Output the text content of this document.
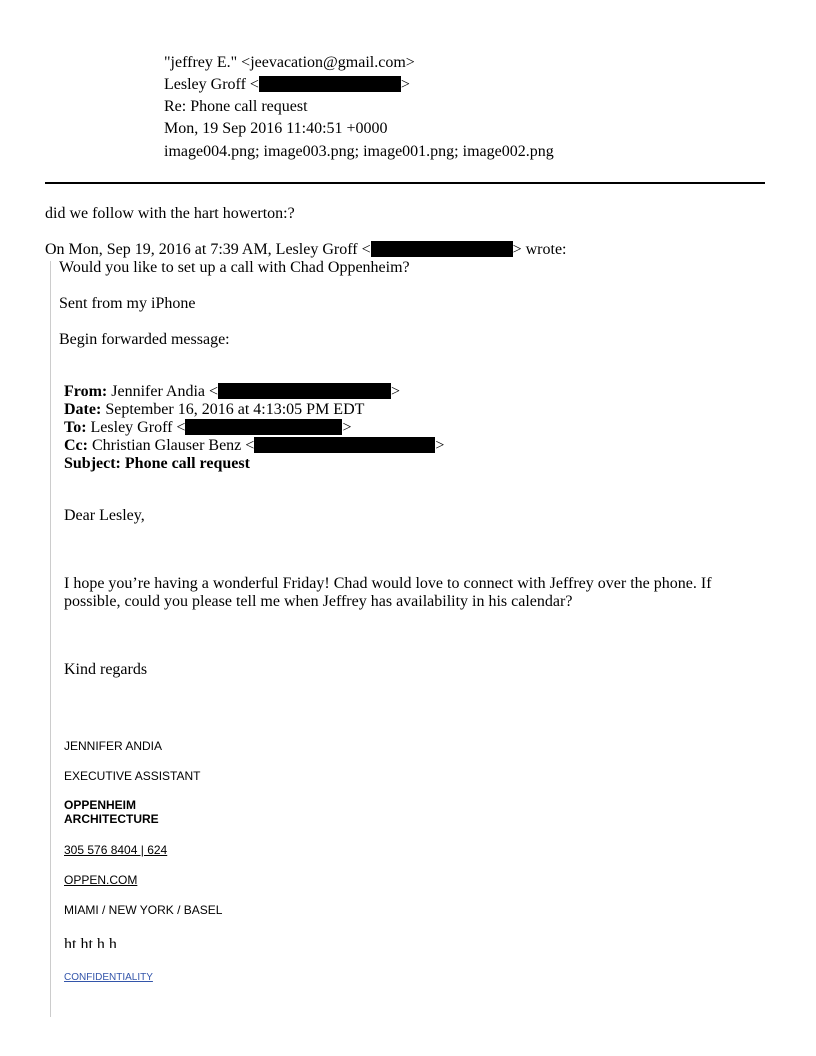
"jeffrey E." <jeevacation@gmail.com>
Lesley Groff <	>
Re: Phone call request
Mon, 19 Sep 2016 11:40:51 +0000
image004.png; image003.png; image001.png; image002.png
did we follow with the hart howerton:?
On Mon, Sep 19, 2016 at 7:39 AM, Lesley Groff <	> wrote:
Would you like to set up a call with Chad Oppenheim?
Sent from my iPhone
Begin forwarded message:
From: Jennifer Andia <	>
Date: September 16, 2016 at 4:13:05 PM EDT
To: Lesley Groff <	>
Cc: Christian Glauser Benz <	>
Subject: Phone call request
Dear Lesley,
I hope you’re having a wonderful Friday! Chad would love to connect with Jeffrey over the phone. If possible, could you please tell me when Jeffrey has availability in his calendar?
Kind regards
JENNIFER ANDIA
EXECUTIVE ASSISTANT
OPPENHEIM
ARCHITECTURE
305 576 8404 | 624
OPPEN.COM
MIAMI / NEW YORK / BASEL
ht ht h h
CONFIDENTIALITY
